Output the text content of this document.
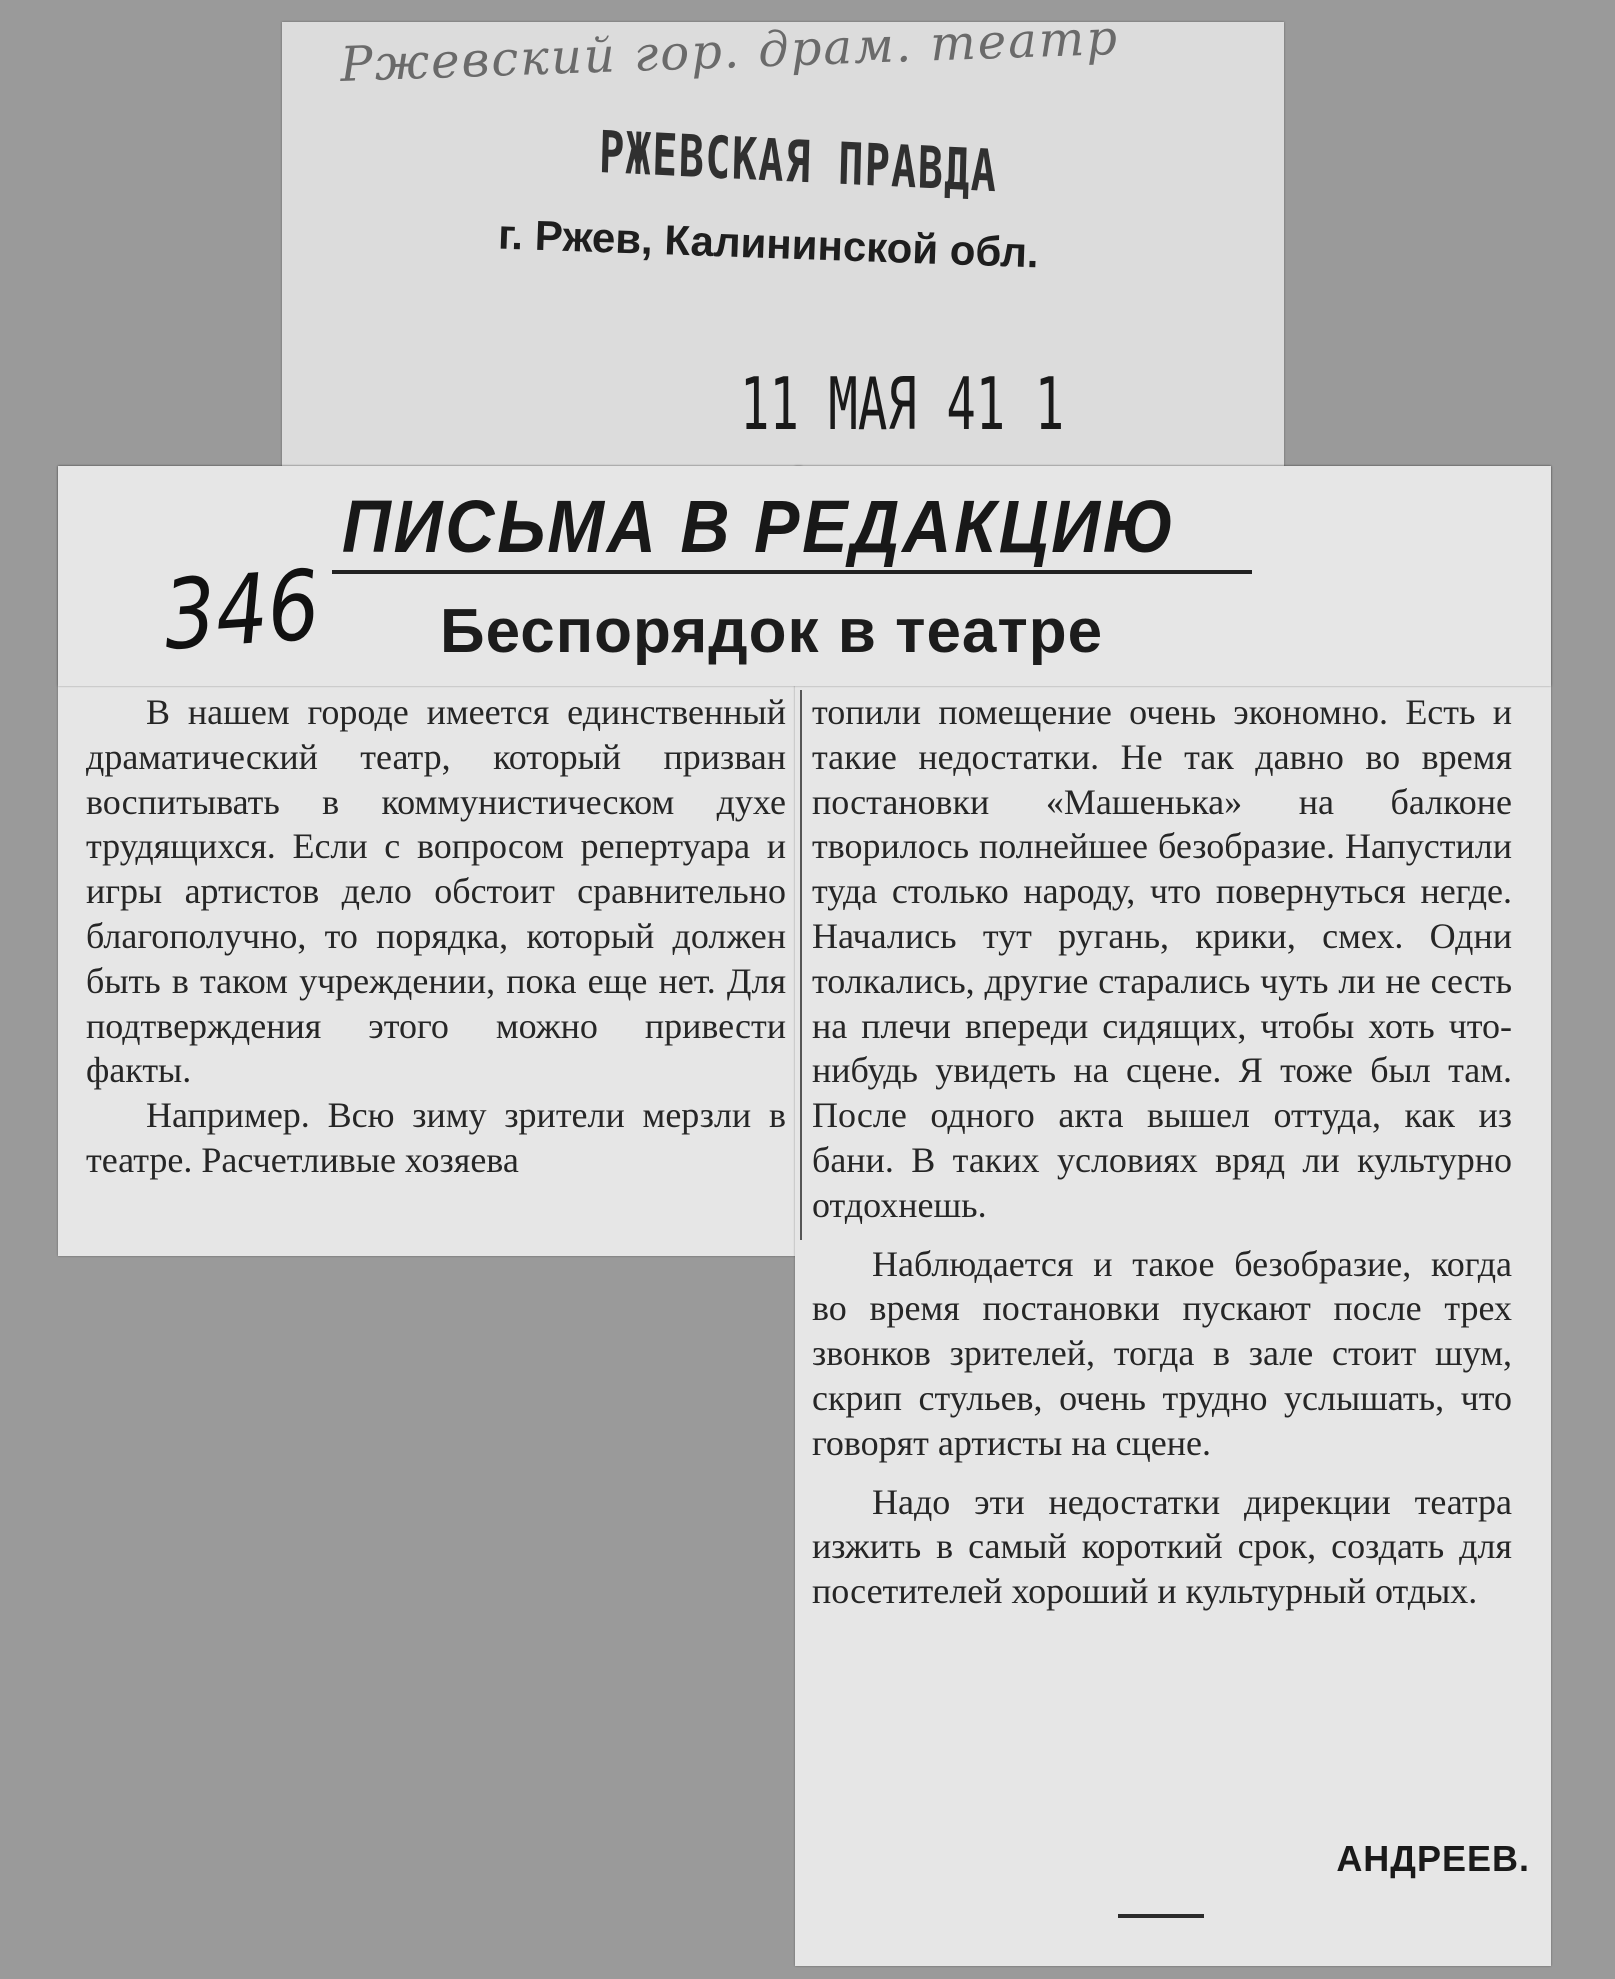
Ржевский гор. драм. театр
РЖЕВСКАЯ ПРАВДА
г. Ржев, Калининской обл.
11 МАЯ 41 1
ПИСЬМА В РЕДАКЦИЮ
346 Беспорядок в театре

В нашем городе имеется единственный драматический театр, который призван воспитывать в коммунистическом духе трудящихся. Если с вопросом репертуара и игры артистов дело обстоит сравнительно благополучно, то порядка, который должен быть в таком учреждении, пока еще нет. Для подтверждения этого можно привести факты.

Например. Всю зиму зрители мерзли в театре. Расчетливые хозяева

топили помещение очень экономно. Есть и такие недостатки. Не так давно во время постановки «Машенька» на балконе творилось полнейшее безобразие. Напустили туда столько народу, что повернуться негде. Начались тут ругань, крики, смех. Одни толкались, другие старались чуть ли не сесть на плечи впереди сидящих, чтобы хоть что-нибудь увидеть на сцене. Я тоже был там. После одного акта вышел оттуда, как из бани. В таких условиях вряд ли культурно отдохнешь.

Наблюдается и такое безобразие, когда во время постановки пускают после трех звонков зрителей, тогда в зале стоит шум, скрип стульев, очень трудно услышать, что говорят артисты на сцене.

Надо эти недостатки дирекции театра изжить в самый короткий срок, создать для посетителей хороший и культурный отдых.

АНДРЕЕВ.
